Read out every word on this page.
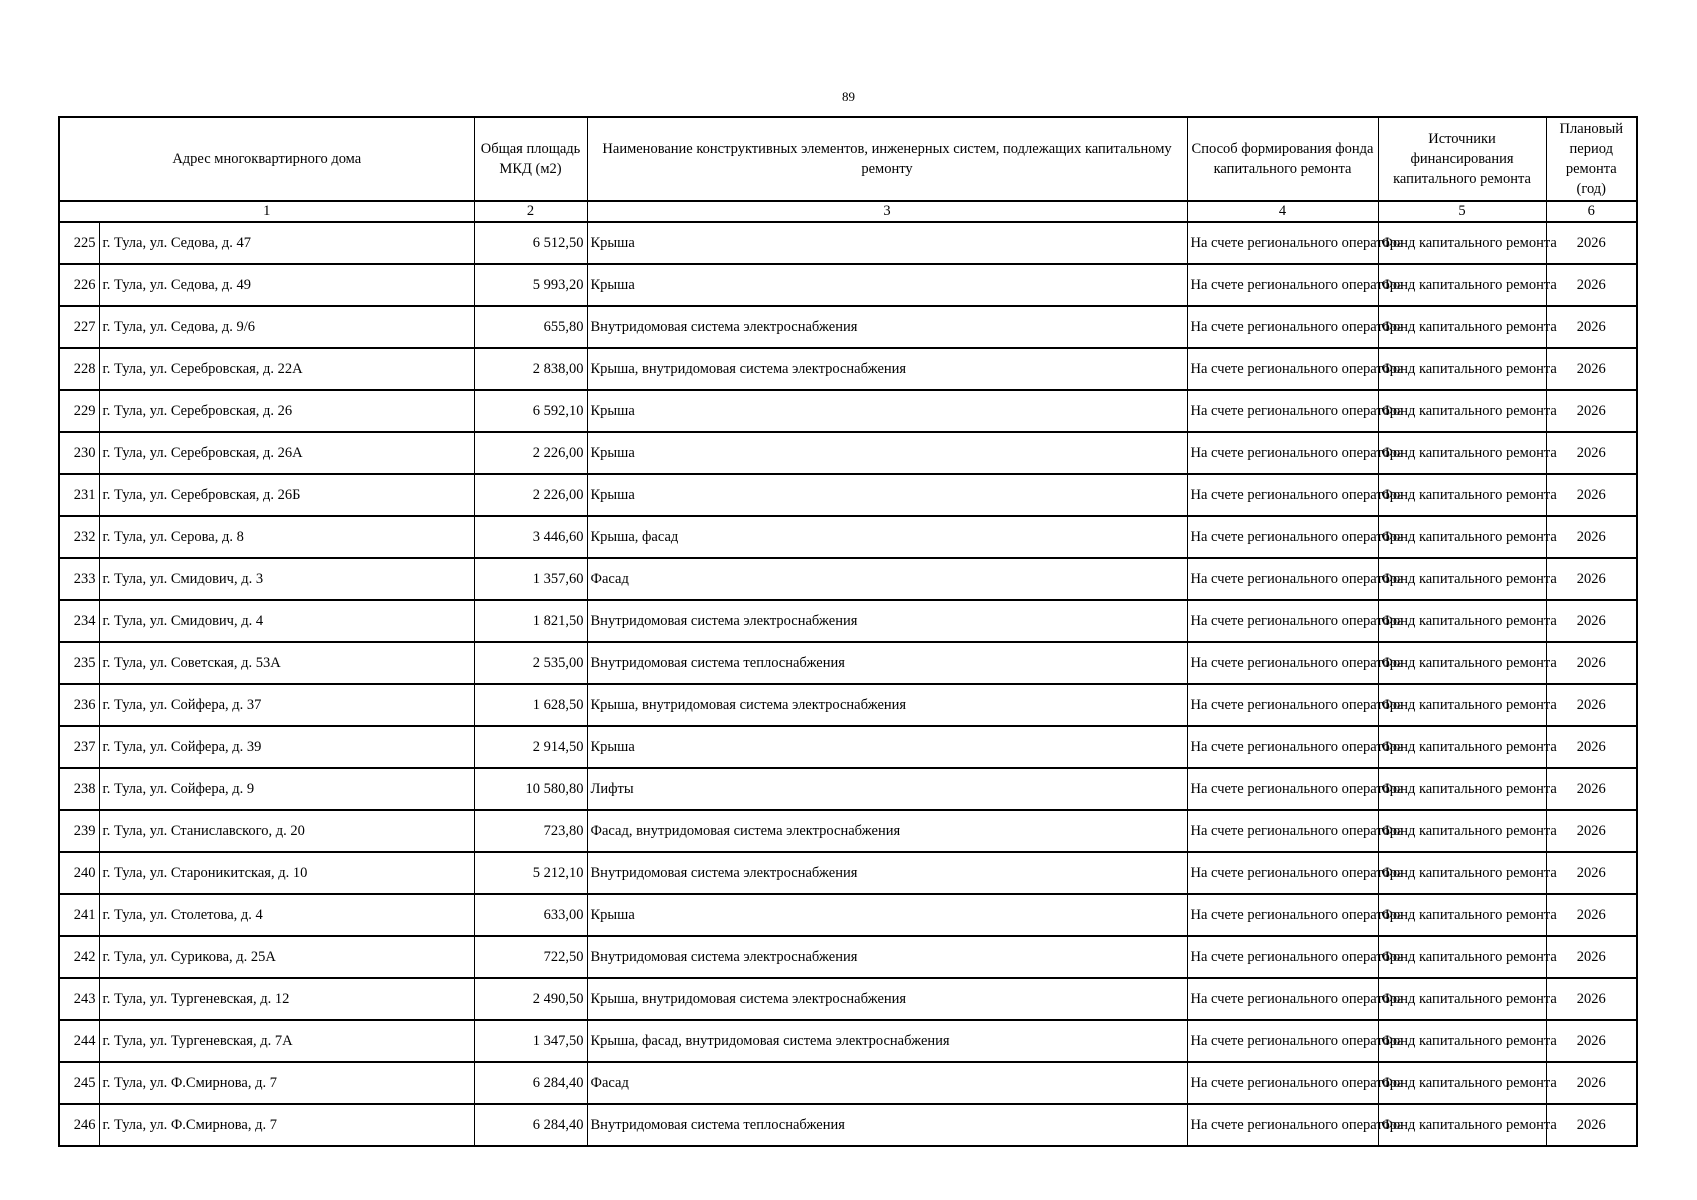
89
Адрес многоквартирного дома		Общая площадь МКД (м2)	Наименование конструктивных элементов, инженерных систем, подлежащих капитальному ремонту	Способ формирования фонда капитального ремонта	Источники финансирования капитального ремонта	Плановый период ремонта (год)
1		2	3	4	5	6
225	г. Тула, ул. Седова, д. 47	6 512,50	Крыша	На счете регионального оператора	Фонд капитального ремонта	2026
226	г. Тула, ул. Седова, д. 49	5 993,20	Крыша	На счете регионального оператора	Фонд капитального ремонта	2026
227	г. Тула, ул. Седова, д. 9/6	655,80	Внутридомовая система электроснабжения	На счете регионального оператора	Фонд капитального ремонта	2026
228	г. Тула, ул. Серебровская, д. 22А	2 838,00	Крыша, внутридомовая система электроснабжения	На счете регионального оператора	Фонд капитального ремонта	2026
229	г. Тула, ул. Серебровская, д. 26	6 592,10	Крыша	На счете регионального оператора	Фонд капитального ремонта	2026
230	г. Тула, ул. Серебровская, д. 26А	2 226,00	Крыша	На счете регионального оператора	Фонд капитального ремонта	2026
231	г. Тула, ул. Серебровская, д. 26Б	2 226,00	Крыша	На счете регионального оператора	Фонд капитального ремонта	2026
232	г. Тула, ул. Серова, д. 8	3 446,60	Крыша, фасад	На счете регионального оператора	Фонд капитального ремонта	2026
233	г. Тула, ул. Смидович, д. 3	1 357,60	Фасад	На счете регионального оператора	Фонд капитального ремонта	2026
234	г. Тула, ул. Смидович, д. 4	1 821,50	Внутридомовая система электроснабжения	На счете регионального оператора	Фонд капитального ремонта	2026
235	г. Тула, ул. Советская, д. 53А	2 535,00	Внутридомовая система теплоснабжения	На счете регионального оператора	Фонд капитального ремонта	2026
236	г. Тула, ул. Сойфера, д. 37	1 628,50	Крыша, внутридомовая система электроснабжения	На счете регионального оператора	Фонд капитального ремонта	2026
237	г. Тула, ул. Сойфера, д. 39	2 914,50	Крыша	На счете регионального оператора	Фонд капитального ремонта	2026
238	г. Тула, ул. Сойфера, д. 9	10 580,80	Лифты	На счете регионального оператора	Фонд капитального ремонта	2026
239	г. Тула, ул. Станиславского, д. 20	723,80	Фасад, внутридомовая система электроснабжения	На счете регионального оператора	Фонд капитального ремонта	2026
240	г. Тула, ул. Староникитская, д. 10	5 212,10	Внутридомовая система электроснабжения	На счете регионального оператора	Фонд капитального ремонта	2026
241	г. Тула, ул. Столетова, д. 4	633,00	Крыша	На счете регионального оператора	Фонд капитального ремонта	2026
242	г. Тула, ул. Сурикова, д. 25А	722,50	Внутридомовая система электроснабжения	На счете регионального оператора	Фонд капитального ремонта	2026
243	г. Тула, ул. Тургеневская, д. 12	2 490,50	Крыша, внутридомовая система электроснабжения	На счете регионального оператора	Фонд капитального ремонта	2026
244	г. Тула, ул. Тургеневская, д. 7А	1 347,50	Крыша, фасад, внутридомовая система электроснабжения	На счете регионального оператора	Фонд капитального ремонта	2026
245	г. Тула, ул. Ф.Смирнова, д. 7	6 284,40	Фасад	На счете регионального оператора	Фонд капитального ремонта	2026
246	г. Тула, ул. Ф.Смирнова, д. 7	6 284,40	Внутридомовая система теплоснабжения	На счете регионального оператора	Фонд капитального ремонта	2026
